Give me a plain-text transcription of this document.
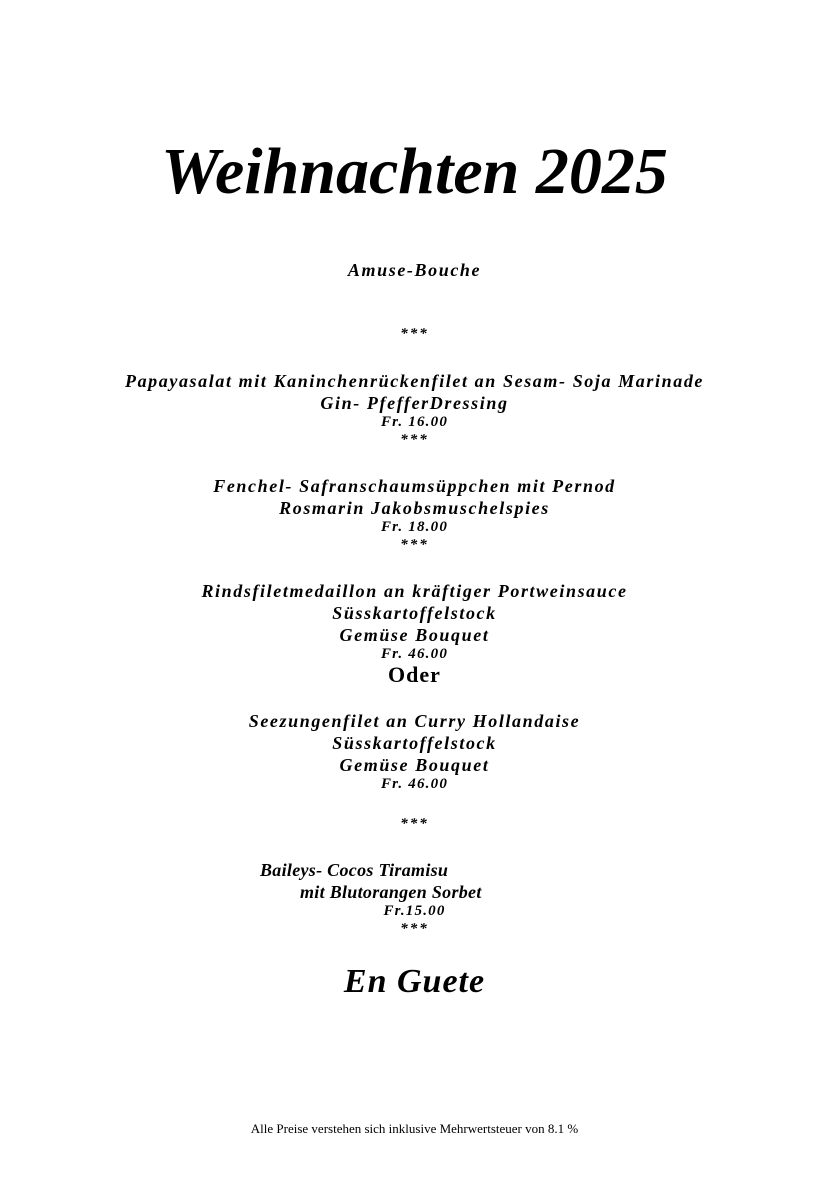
Weihnachten 2025
Amuse-Bouche
***
Papayasalat mit Kaninchenrückenfilet an Sesam- Soja Marinade
Gin- PfefferDressing
Fr. 16.00
***
Fenchel- Safranschaumsüppchen mit Pernod
Rosmarin Jakobsmuschelspies
Fr. 18.00
***
Rindsfiletmedaillon an kräftiger Portweinsauce
Süsskartoffelstock
Gemüse Bouquet
Fr. 46.00
Oder
Seezungenfilet an Curry Hollandaise
Süsskartoffelstock
Gemüse Bouquet
Fr. 46.00
***
Baileys- Cocos Tiramisu
mit Blutorangen Sorbet
Fr.15.00
***
En Guete
Alle Preise verstehen sich inklusive Mehrwertsteuer von 8.1 %
